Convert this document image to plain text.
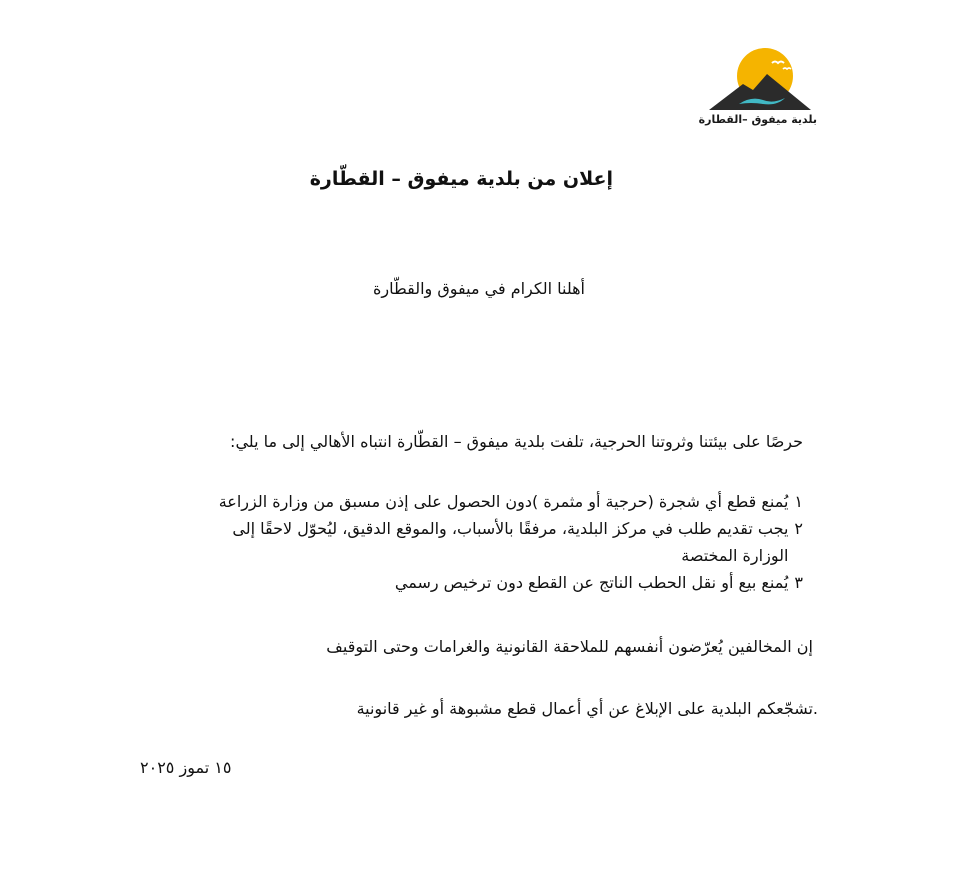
بلدية ميفوق –القطارة
إعلان من بلدية ميفوق – القطّارة
أهلنا الكرام في ميفوق والقطّارة
حرصًا على بيئتنا وثروتنا الحرجية، تلفت بلدية ميفوق – القطّارة انتباه الأهالي إلى ما يلي:
١
يُمنع قطع أي شجرة (حرجية أو مثمرة )دون الحصول على إذن مسبق من وزارة الزراعة
٢
يجب تقديم طلب في مركز البلدية، مرفقًا بالأسباب، والموقع الدقيق، ليُحوّل لاحقًا إلى الوزارة المختصة
٣
يُمنع بيع أو نقل الحطب الناتج عن القطع دون ترخيص رسمي
إن المخالفين يُعرّضون أنفسهم للملاحقة القانونية والغرامات وحتى التوقيف
.تشجّعكم البلدية على الإبلاغ عن أي أعمال قطع مشبوهة أو غير قانونية
١٥ تموز ٢٠٢٥
